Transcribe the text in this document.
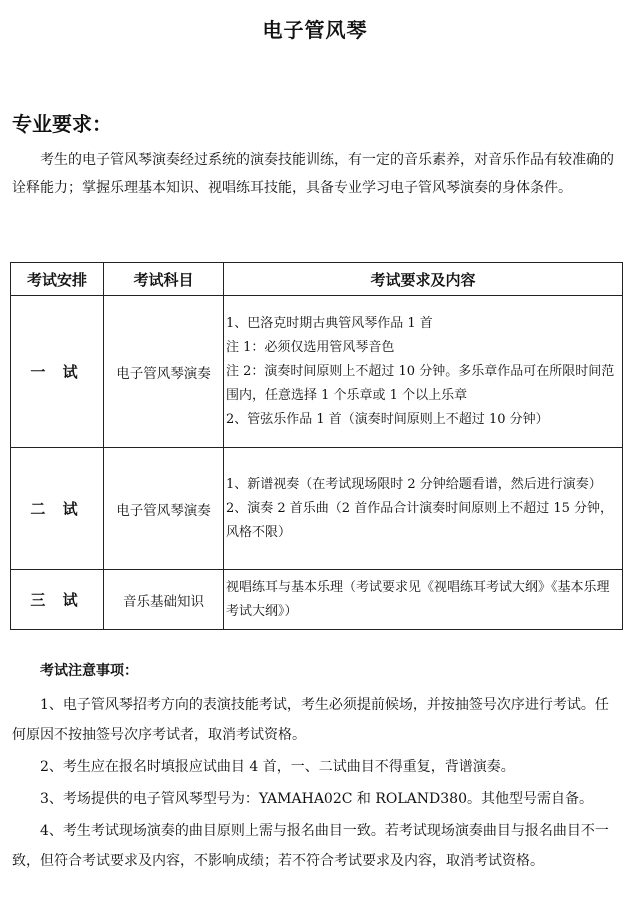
电子管风琴
专业要求：

考生的电子管风琴演奏经过系统的演奏技能训练，有一定的音乐素养，对音乐作品有较准确的诠释能力；掌握乐理基本知识、视唱练耳技能，具备专业学习电子管风琴演奏的身体条件。

考试安排	考试科目	考试要求及内容
一 试	电子管风琴演奏	1、巴洛克时期古典管风琴作品 1 首
注 1：必须仅选用管风琴音色
注 2：演奏时间原则上不超过 10 分钟。多乐章作品可在所限时间范围内，任意选择 1 个乐章或 1 个以上乐章
2、管弦乐作品 1 首（演奏时间原则上不超过 10 分钟）

二 试	电子管风琴演奏	1、新谱视奏（在考试现场限时 2 分钟给题看谱，然后进行演奏）
2、演奏 2 首乐曲（2 首作品合计演奏时间原则上不超过 15 分钟，风格不限）

三 试	音乐基础知识	视唱练耳与基本乐理（考试要求见《视唱练耳考试大纲》《基本乐理考试大纲》）
考试注意事项：
1、电子管风琴招考方向的表演技能考试，考生必须提前候场，并按抽签号次序进行考试。任何原因不按抽签号次序考试者，取消考试资格。
2、考生应在报名时填报应试曲目 4 首，一、二试曲目不得重复，背谱演奏。
3、考场提供的电子管风琴型号为：YAMAHA02C 和 ROLAND380。其他型号需自备。
4、考生考试现场演奏的曲目原则上需与报名曲目一致。若考试现场演奏曲目与报名曲目不一致，但符合考试要求及内容，不影响成绩；若不符合考试要求及内容，取消考试资格。
